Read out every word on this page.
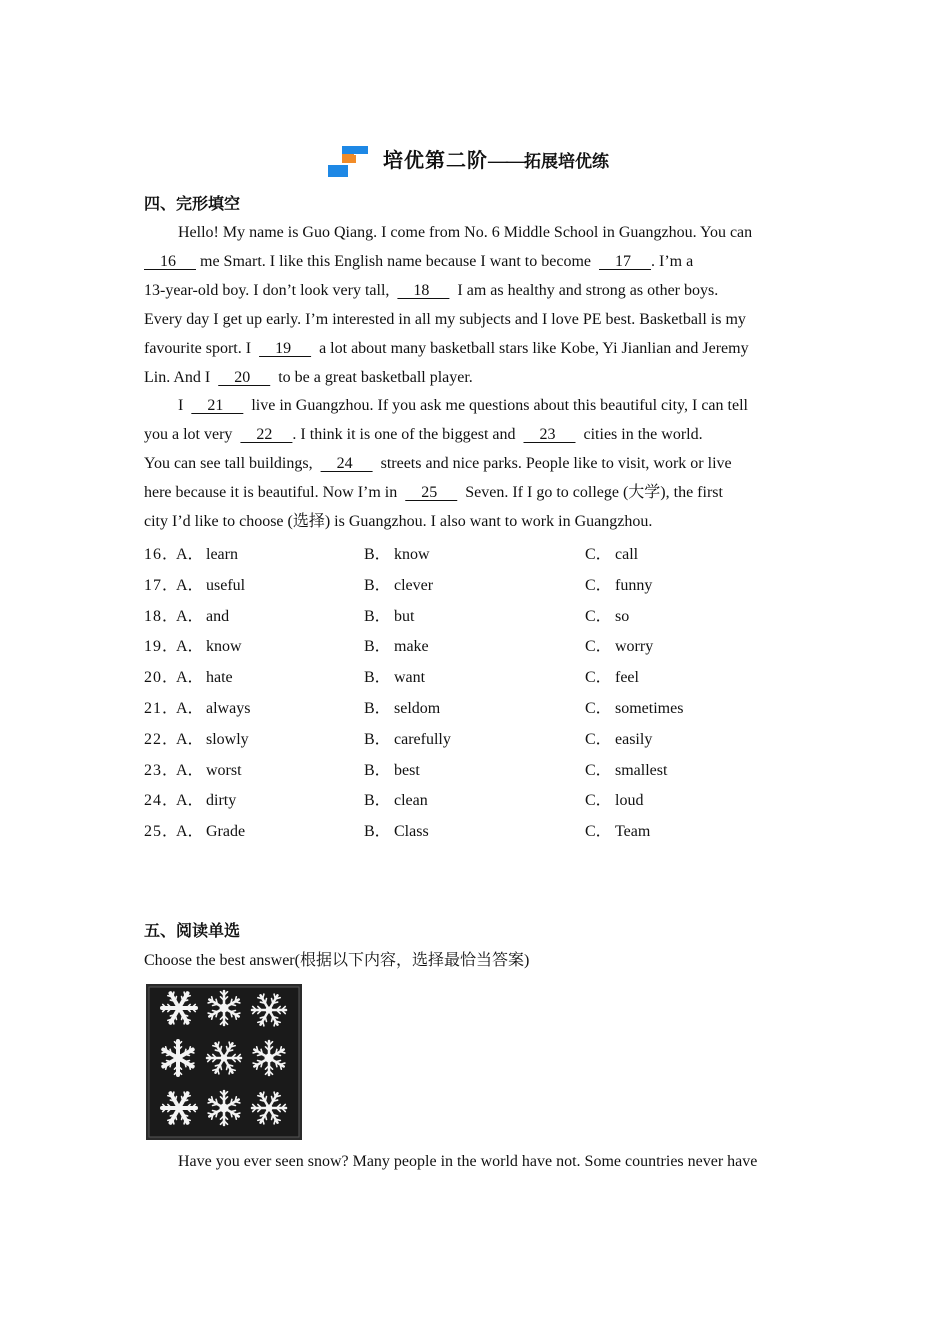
培优第二阶——拓展培优练
四、完形填空
Hello! My name is Guo Qiang. I come from No. 6 Middle School in Guangzhou. You can
16      me Smart. I like this English name because I want to become      17     . I’m a
13-year-old boy. I don’t look very tall,      18       I am as healthy and strong as other boys.
Every day I get up early. I’m interested in all my subjects and I love PE best. Basketball is my
favourite sport. I      19       a lot about many basketball stars like Kobe, Yi Jianlian and Jeremy
Lin. And I      20       to be a great basketball player.
I      21       live in Guangzhou. If you ask me questions about this beautiful city, I can tell
you a lot very      22     . I think it is one of the biggest and      23       cities in the world.
You can see tall buildings,      24       streets and nice parks. People like to visit, work or live
here because it is beautiful. Now I’m in      25       Seven. If I go to college (大学), the first
city I’d like to choose (选择) is Guangzhou. I also want to work in Guangzhou.
16．
A． learn	B． know	C． call
17．
A． useful	B． clever	C． funny
18．
A． and	B． but	C． so
19．
A． know	B． make	C． worry
20．
A． hate	B． want	C． feel
21．
A． always	B． seldom	C． sometimes
22．
A． slowly	B． carefully	C． easily
23．
A． worst	B． best	C． smallest
24．
A． dirty	B． clean	C． loud
25．
A． Grade	B． Class	C． Team
五、阅读单选
Choose the best answer(根据以下内容，选择最恰当答案)
Have you ever seen snow? Many people in the world have not. Some countries never have
